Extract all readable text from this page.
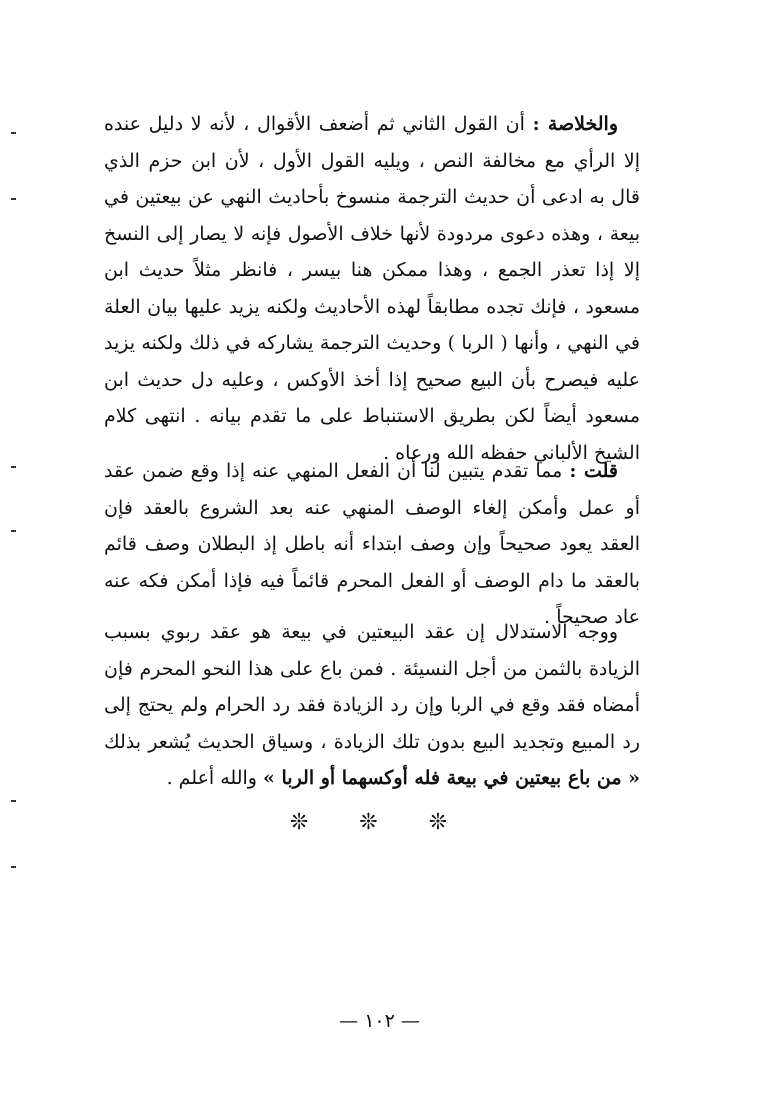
والخلاصة : أن القول الثاني ثم أضعف الأقوال ، لأنه لا دليل عنده إلا الرأي مع مخالفة النص ، ويليه القول الأول ، لأن ابن حزم الذي قال به ادعى أن حديث الترجمة منسوخ بأحاديث النهي عن بيعتين في بيعة ، وهذه دعوى مردودة لأنها خلاف الأصول فإنه لا يصار إلى النسخ إلا إذا تعذر الجمع ، وهذا ممكن هنا بيسر ، فانظر مثلاً حديث ابن مسعود ، فإنك تجده مطابقاً لهذه الأحاديث ولكنه يزيد عليها بيان العلة في النهي ، وأنها ( الربا ) وحديث الترجمة يشاركه في ذلك ولكنه يزيد عليه فيصرح بأن البيع صحيح إذا أخذ الأوكس ، وعليه دل حديث ابن مسعود أيضاً لكن بطريق الاستنباط على ما تقدم بيانه . انتهى كلام الشيخ الألباني حفظه الله ورعاه .

قلت : مما تقدم يتبين لنا أن الفعل المنهي عنه إذا وقع ضمن عقد أو عمل وأمكن إلغاء الوصف المنهي عنه بعد الشروع بالعقد فإن العقد يعود صحيحاً وإن وصف ابتداء أنه باطل إذ البطلان وصف قائم بالعقد ما دام الوصف أو الفعل المحرم قائماً فيه فإذا أمكن فكه عنه عاد صحيحاً .

ووجه الاستدلال إن عقد البيعتين في بيعة هو عقد ربوي بسبب الزيادة بالثمن من أجل النسيئة . فمن باع على هذا النحو المحرم فإن أمضاه فقد وقع في الربا وإن رد الزيادة فقد رد الحرام ولم يحتج إلى رد المبيع وتجديد البيع بدون تلك الزيادة ، وسياق الحديث يُشعر بذلك « من باع بيعتين في بيعة فله أوكسهما أو الربا » والله أعلم .

❊ ❊ ❊
— ١٠٢ —
